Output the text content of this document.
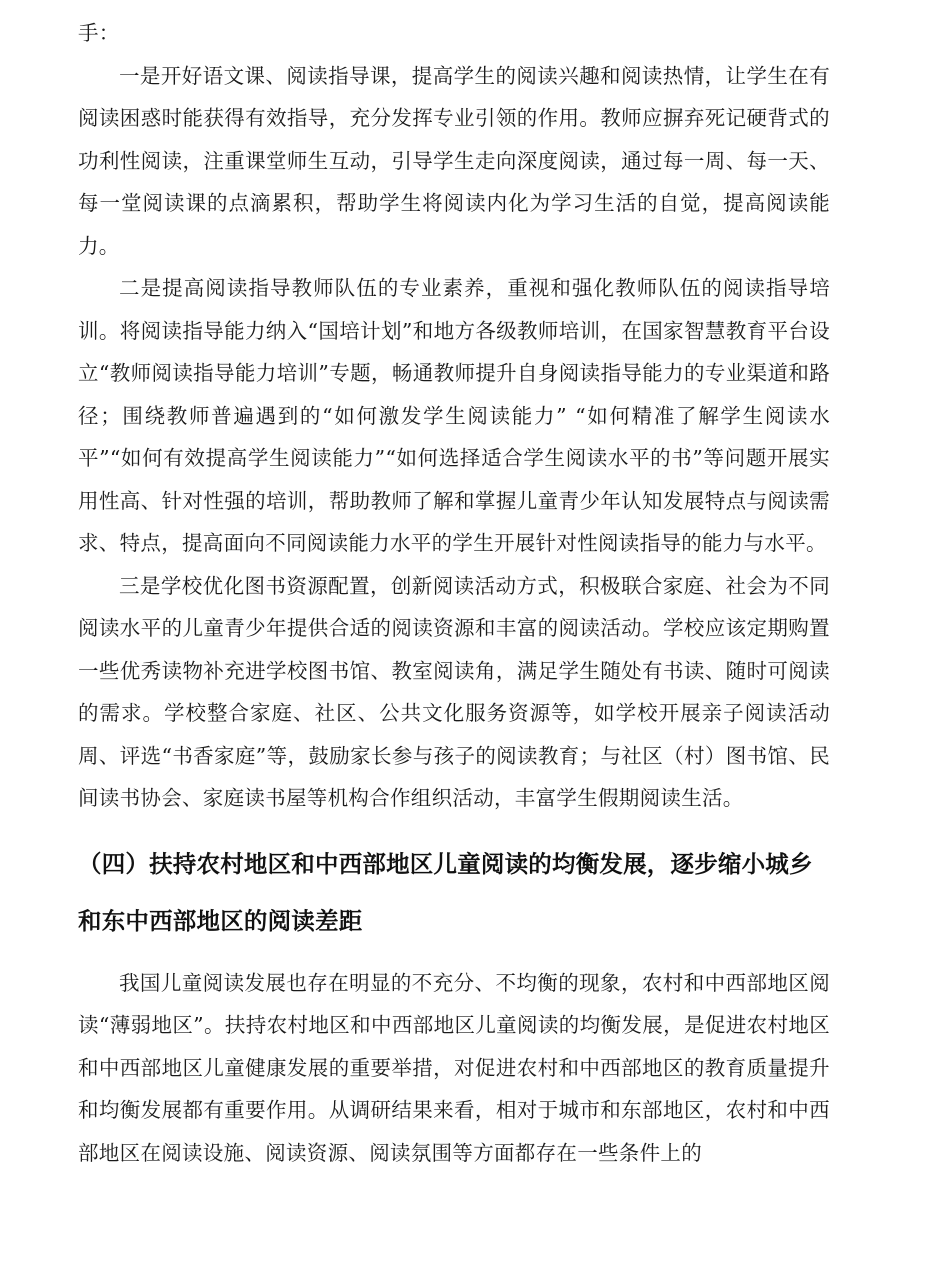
手：

一是开好语文课、阅读指导课，提高学生的阅读兴趣和阅读热情，让学生在有阅读困惑时能获得有效指导，充分发挥专业引领的作用。教师应摒弃死记硬背式的功利性阅读，注重课堂师生互动，引导学生走向深度阅读，通过每一周、每一天、每一堂阅读课的点滴累积，帮助学生将阅读内化为学习生活的自觉，提高阅读能力。

二是提高阅读指导教师队伍的专业素养，重视和强化教师队伍的阅读指导培训。将阅读指导能力纳入“国培计划”和地方各级教师培训，在国家智慧教育平台设立“教师阅读指导能力培训”专题，畅通教师提升自身阅读指导能力的专业渠道和路径；围绕教师普遍遇到的“如何激发学生阅读能力” “如何精准了解学生阅读水平”“如何有效提高学生阅读能力”“如何选择适合学生阅读水平的书”等问题开展实用性高、针对性强的培训，帮助教师了解和掌握儿童青少年认知发展特点与阅读需求、特点，提高面向不同阅读能力水平的学生开展针对性阅读指导的能力与水平。

三是学校优化图书资源配置，创新阅读活动方式，积极联合家庭、社会为不同阅读水平的儿童青少年提供合适的阅读资源和丰富的阅读活动。学校应该定期购置一些优秀读物补充进学校图书馆、教室阅读角，满足学生随处有书读、随时可阅读的需求。学校整合家庭、社区、公共文化服务资源等，如学校开展亲子阅读活动周、评选“书香家庭”等，鼓励家长参与孩子的阅读教育；与社区（村）图书馆、民间读书协会、家庭读书屋等机构合作组织活动，丰富学生假期阅读生活。

（四）扶持农村地区和中西部地区儿童阅读的均衡发展，逐步缩小城乡和东中西部地区的阅读差距

我国儿童阅读发展也存在明显的不充分、不均衡的现象，农村和中西部地区阅读“薄弱地区”。扶持农村地区和中西部地区儿童阅读的均衡发展，是促进农村地区和中西部地区儿童健康发展的重要举措，对促进农村和中西部地区的教育质量提升和均衡发展都有重要作用。从调研结果来看，相对于城市和东部地区，农村和中西部地区在阅读设施、阅读资源、阅读氛围等方面都存在一些条件上的
